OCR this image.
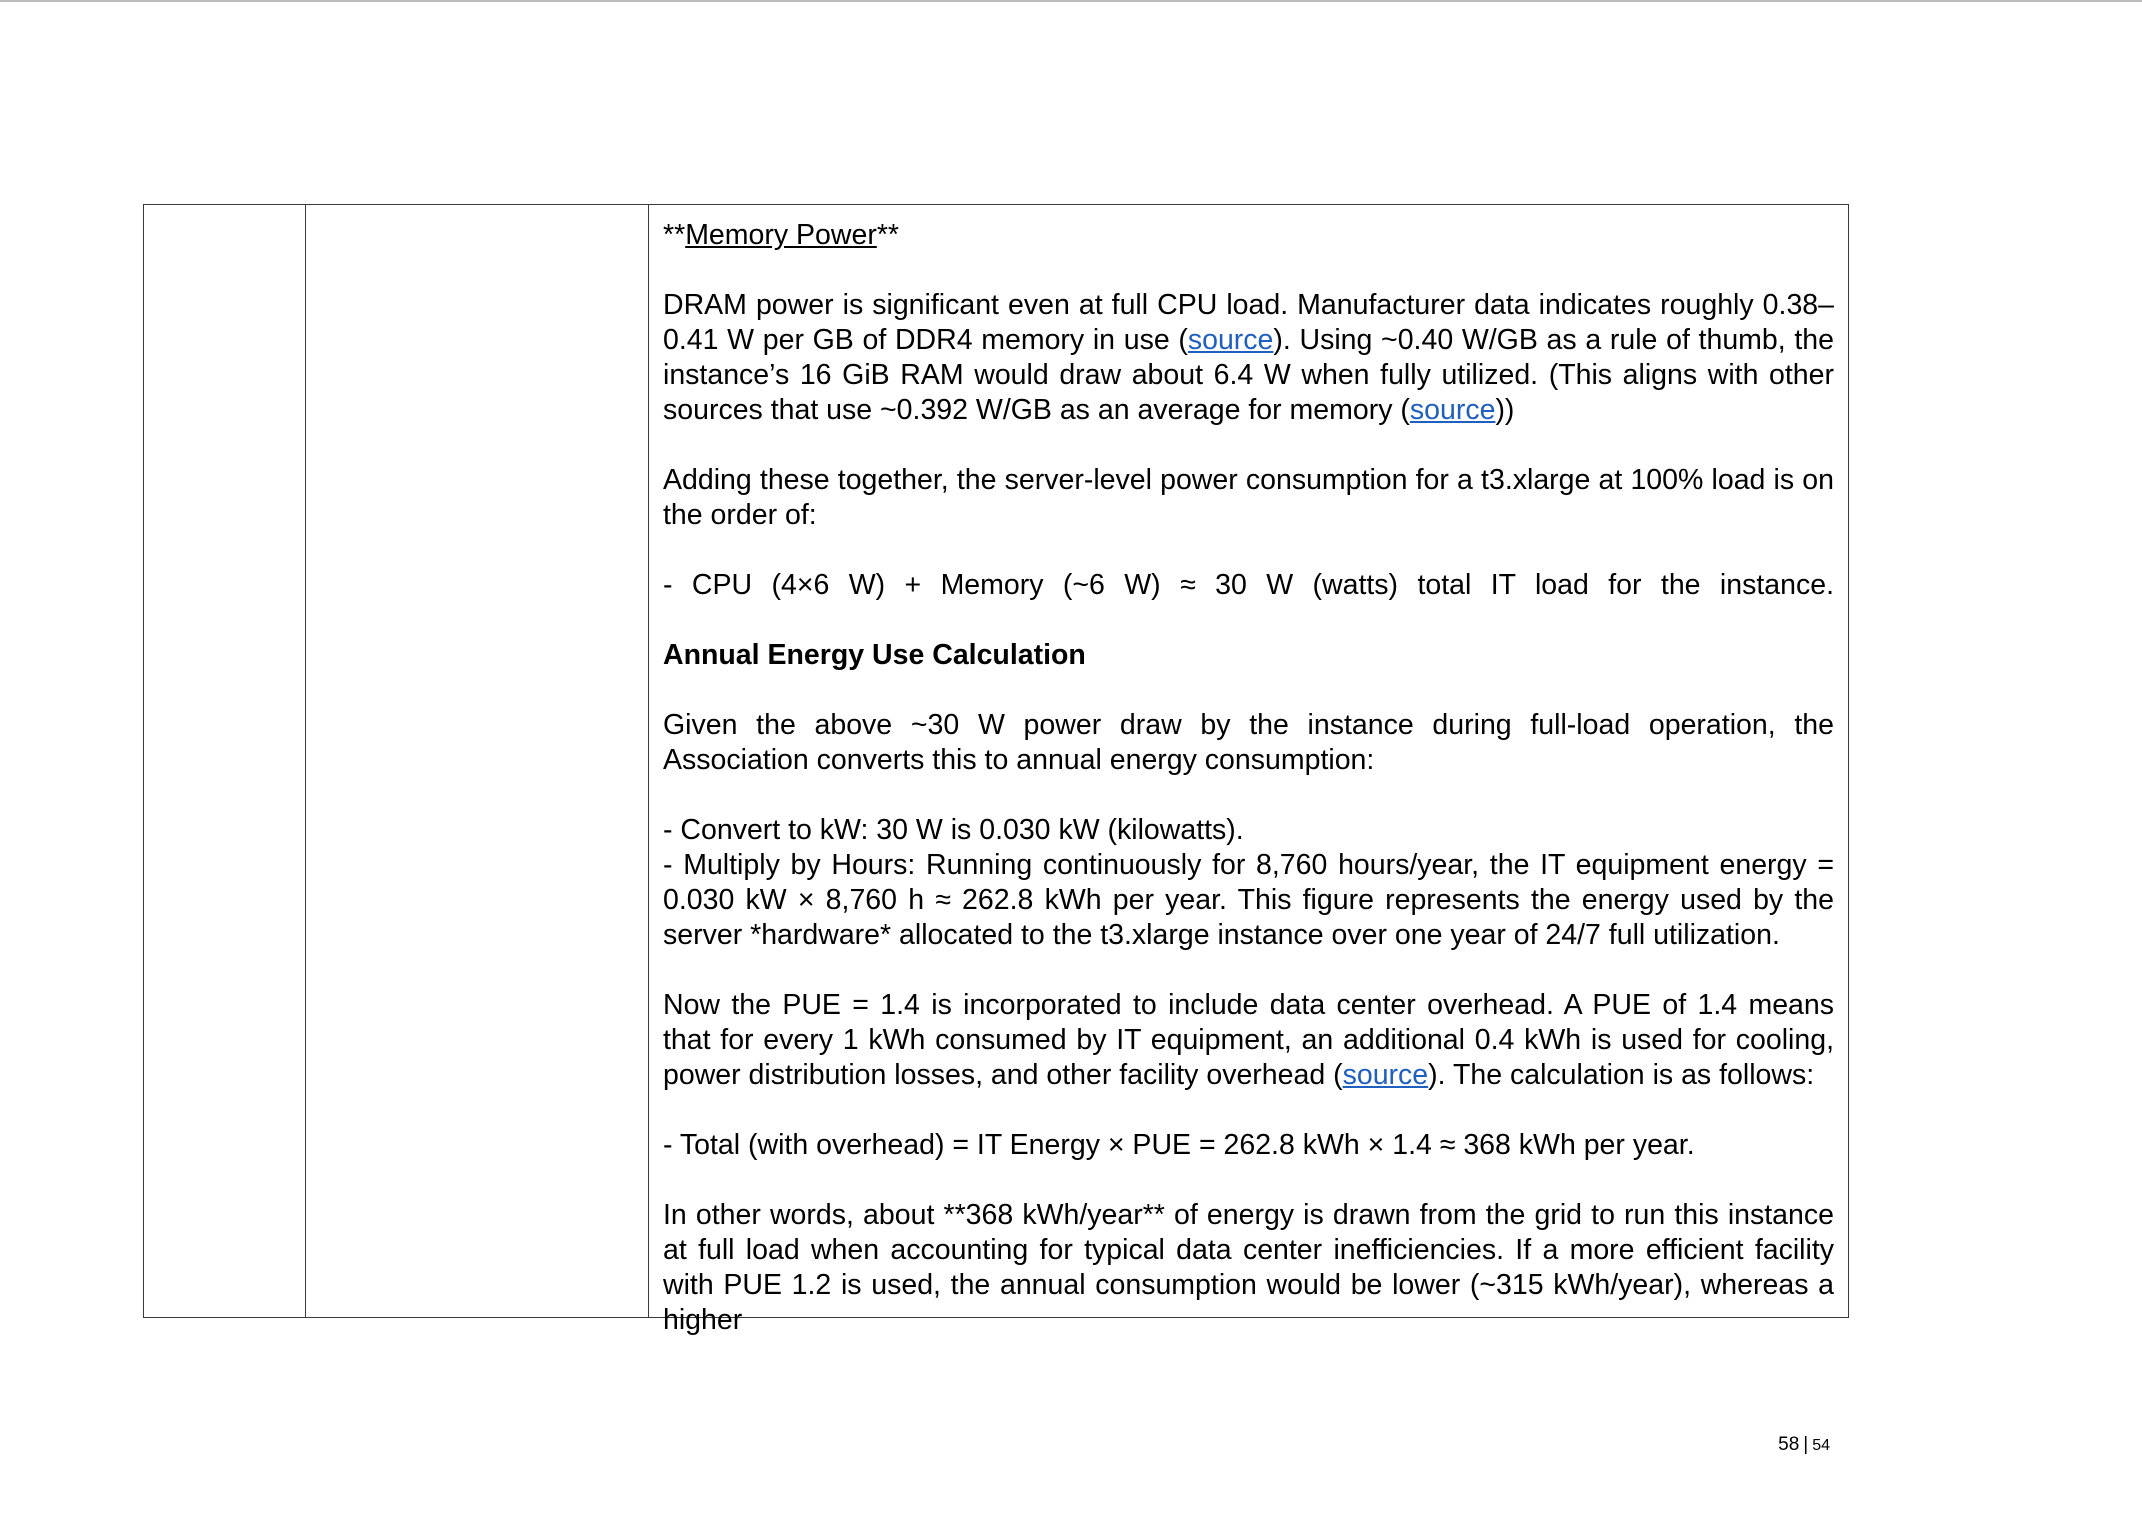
**Memory Power**

DRAM power is significant even at full CPU load. Manufacturer data indicates roughly 0.38–0.41 W per GB of DDR4 memory in use (source). Using ~0.40 W/GB as a rule of thumb, the instance’s 16 GiB RAM would draw about 6.4 W when fully utilized. (This aligns with other sources that use ~0.392 W/GB as an average for memory (source))

Adding these together, the server-level power consumption for a t3.xlarge at 100% load is on the order of:

- CPU (4×6 W) + Memory (~6 W) ≈ 30 W (watts) total IT load for the instance.

Annual Energy Use Calculation

Given the above ~30 W power draw by the instance during full-load operation, the Association converts this to annual energy consumption:

- Convert to kW: 30 W is 0.030 kW (kilowatts).

- Multiply by Hours: Running continuously for 8,760 hours/year, the IT equipment energy = 0.030 kW × 8,760 h ≈ 262.8 kWh per year. This figure represents the energy used by the server *hardware* allocated to the t3.xlarge instance over one year of 24/7 full utilization.

Now the PUE = 1.4 is incorporated to include data center overhead. A PUE of 1.4 means that for every 1 kWh consumed by IT equipment, an additional 0.4 kWh is used for cooling, power distribution losses, and other facility overhead (source). The calculation is as follows:

- Total (with overhead) = IT Energy × PUE = 262.8 kWh × 1.4 ≈ 368 kWh per year.

In other words, about **368 kWh/year** of energy is drawn from the grid to run this instance at full load when accounting for typical data center inefficiencies. If a more efficient facility with PUE 1.2 is used, the annual consumption would be lower (~315 kWh/year), whereas a higher

58 | 54
